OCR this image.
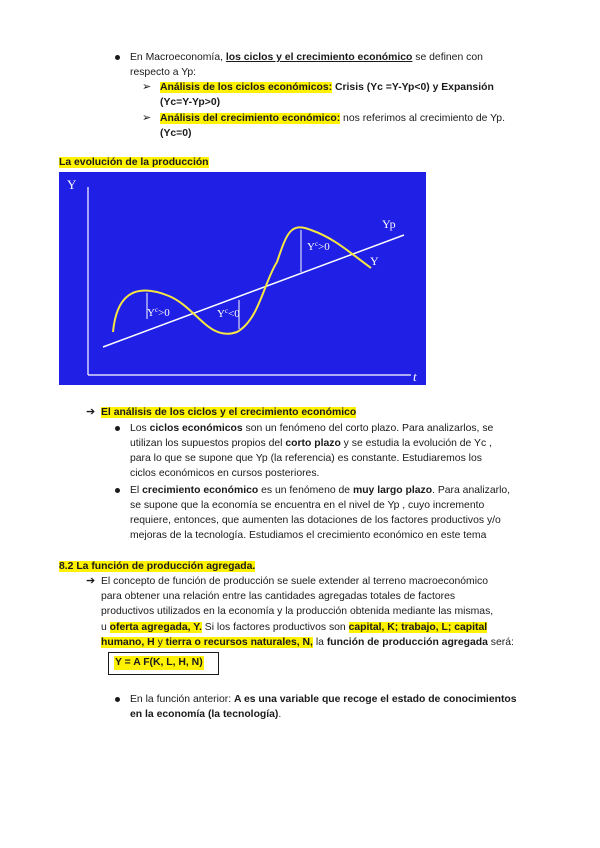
En Macroeconomía, los ciclos y el crecimiento económico se definen con
respecto a Yp:
➢ Análisis de los ciclos económicos: Crisis (Yc =Y-Yp<0) y Expansión
(Yc=Y-Yp>0)
➢ Análisis del crecimiento económico: nos referimos al crecimiento de Yp.
(Yc=0)
La evolución de la producción
Y
t
Yp
Y
$Y^c>0$	$Y^c<0$
$Y^c>0$
➔ El análisis de los ciclos y el crecimiento económico
Los ciclos económicos son un fenómeno del corto plazo. Para analizarlos, se
utilizan los supuestos propios del corto plazo y se estudia la evolución de Yc ,
para lo que se supone que Yp (la referencia) es constante. Estudiaremos los
ciclos económicos en cursos posteriores.
El crecimiento económico es un fenómeno de muy largo plazo. Para analizarlo,
se supone que la economía se encuentra en el nivel de Yp , cuyo incremento
requiere, entonces, que aumenten las dotaciones de los factores productivos y/o
mejoras de la tecnología. Estudiamos el crecimiento económico en este tema
8.2 La función de producción agregada.
➔ El concepto de función de producción se suele extender al terreno macroeconómico
para obtener una relación entre las cantidades agregadas totales de factores
productivos utilizados en la economía y la producción obtenida mediante las mismas,
u oferta agregada, Y. Si los factores productivos son capital, K; trabajo, L; capital
humano, H y tierra o recursos naturales, N, la función de producción agregada será:
Y = A F(K, L, H, N)
En la función anterior: A es una variable que recoge el estado de conocimientos
en la economía (la tecnología).
